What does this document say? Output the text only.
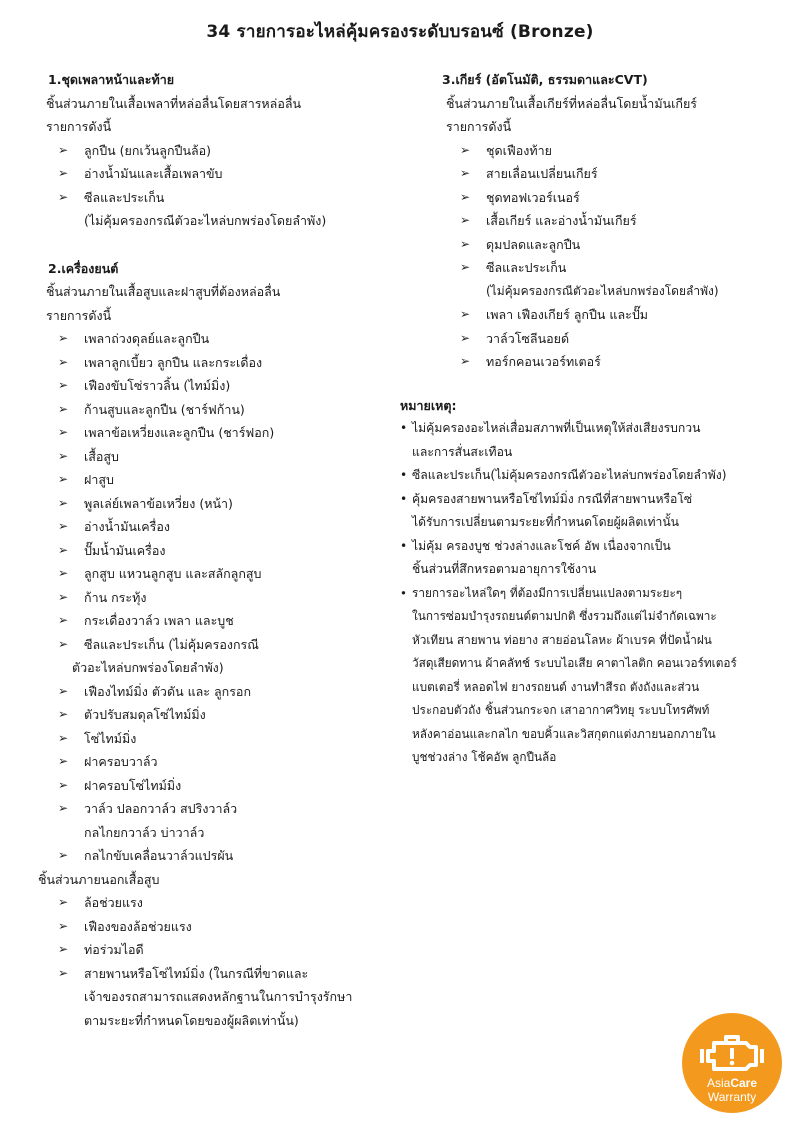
34 รายการอะไหล่คุ้มครองระดับบรอนซ์ (Bronze)
1.ชุดเพลาหน้าและท้าย
ชิ้นส่วนภายในเสื้อเพลาที่หล่อลื่นโดยสารหล่อลื่น
รายการดังนี้
➢ ลูกปืน (ยกเว้นลูกปืนล้อ)
➢ อ่างน้ำมันและเสื้อเพลาขับ
➢ ซีลและประเก็น
(ไม่คุ้มครองกรณีตัวอะไหล่บกพร่องโดยลำพัง)
2.เครื่องยนต์
ชิ้นส่วนภายในเสื้อสูบและฝาสูบที่ต้องหล่อลื่น
รายการดังนี้
➢ เพลาถ่วงดุลย์และลูกปืน
➢ เพลาลูกเบี้ยว ลูกปืน และกระเดื่อง
➢ เฟืองขับโซ่ราวลิ้น (ไทม์มิ่ง)
➢ ก้านสูบและลูกปืน (ชาร์ฟก้าน)
➢ เพลาข้อเหวี่ยงและลูกปืน (ชาร์ฟอก)
➢ เสื้อสูบ
➢ ฝาสูบ
➢ พูลเล่ย์เพลาข้อเหวี่ยง (หน้า)
➢ อ่างน้ำมันเครื่อง
➢ ปั๊มน้ำมันเครื่อง
➢ ลูกสูบ แหวนลูกสูบ และสลักลูกสูบ
➢ ก้าน กระทุ้ง
➢ กระเดื่องวาล์ว เพลา และบูช
➢ ซีลและประเก็น (ไม่คุ้มครองกรณี
ตัวอะไหล่บกพร่องโดยลำพัง)
➢ เฟืองไทม์มิ่ง ตัวดัน และ ลูกรอก
➢ ตัวปรับสมดุลโซ่ไทม์มิ่ง
➢ โซ่ไทม์มิ่ง
➢ ฝาครอบวาล์ว
➢ ฝาครอบโซ่ไทม์มิ่ง
➢ วาล์ว ปลอกวาล์ว สปริงวาล์ว
กลไกยกวาล์ว บ่าวาล์ว
➢ กลไกขับเคลื่อนวาล์วแปรผัน
ชิ้นส่วนภายนอกเสื้อสูบ
➢ ล้อช่วยแรง
➢ เฟืองของล้อช่วยแรง
➢ ท่อร่วมไอดี
➢ สายพานหรือโซ่ไทม์มิ่ง (ในกรณีที่ขาดและ
เจ้าของรถสามารถแสดงหลักฐานในการบำรุงรักษา
ตามระยะที่กำหนดโดยของผู้ผลิตเท่านั้น)
3.เกียร์ (อัตโนมัติ, ธรรมดาและCVT)
ชิ้นส่วนภายในเสื้อเกียร์ที่หล่อลื่นโดยน้ำมันเกียร์
รายการดังนี้
➢ ชุดเฟืองท้าย
➢ สายเลื่อนเปลี่ยนเกียร์
➢ ชุดทอฟเวอร์เนอร์
➢ เสื้อเกียร์ และอ่างน้ำมันเกียร์
➢ ดุมปลดและลูกปืน
➢ ซีลและประเก็น
(ไม่คุ้มครองกรณีตัวอะไหล่บกพร่องโดยลำพัง)
➢ เพลา เฟืองเกียร์ ลูกปืน และปั๊ม
➢ วาล์วโซลีนอยด์
➢ ทอร์กคอนเวอร์ทเตอร์
หมายเหตุ:
• ไม่คุ้มครองอะไหล่เสื่อมสภาพที่เป็นเหตุให้ส่งเสียงรบกวน
และการสั่นสะเทือน
• ซีลและประเก็น(ไม่คุ้มครองกรณีตัวอะไหล่บกพร่องโดยลำพัง)
• คุ้มครองสายพานหรือโซ่ไทม์มิ่ง กรณีที่สายพานหรือโซ่
ได้รับการเปลี่ยนตามระยะที่กำหนดโดยผู้ผลิตเท่านั้น
• ไม่คุ้ม ครองบูช ช่วงล่างและโชค์ อัพ เนื่องจากเป็น
ชิ้นส่วนที่สึกหรอตามอายุการใช้งาน
• รายการอะไหล่ใดๆ ที่ต้องมีการเปลี่ยนแปลงตามระยะๆ
ในการซ่อมบำรุงรถยนต์ตามปกติ ซึ่งรวมถึงแต่ไม่จำกัดเฉพาะ
หัวเทียน สายพาน ท่อยาง สายอ่อนโลหะ ผ้าเบรค ที่ปัดน้ำฝน
วัสดุเสียดทาน ผ้าคลัทช์ ระบบไอเสีย คาตาไลติก คอนเวอร์ทเตอร์
แบตเตอรี่ หลอดไฟ ยางรถยนต์ งานทำสีรถ ตังถังและส่วน
ประกอบตัวถัง ชิ้นส่วนกระจก เสาอากาศวิทยุ ระบบโทรศัพท์
หลังคาอ่อนและกลไก ขอบคิ้วและวิสกุตกแต่งภายนอกภายใน
บูชช่วงล่าง โช้คอัพ ลูกปืนล้อ
AsiaCare
Warranty
